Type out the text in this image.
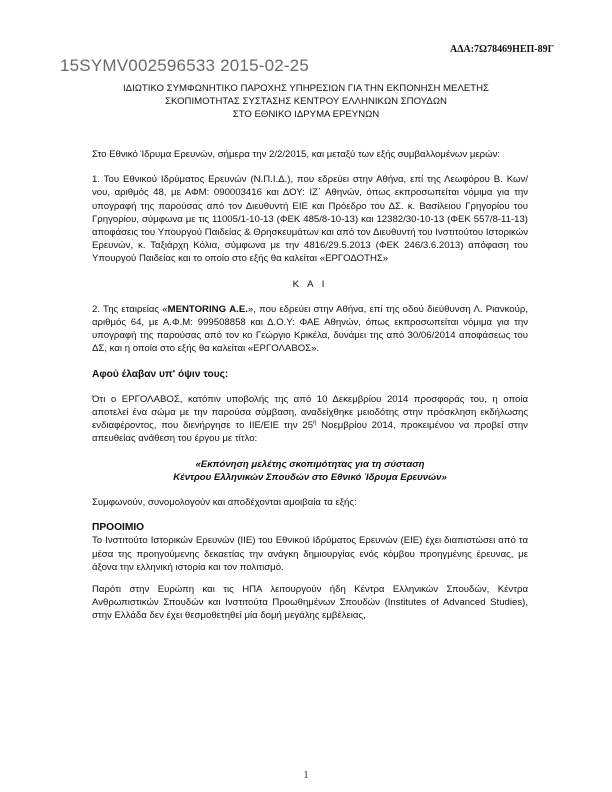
ΑΔΑ:7Ω78469ΗΕΠ-89Γ
15SYMV002596533 2015-02-25
ΙΔΙΩΤΙΚΟ ΣΥΜΦΩΝΗΤΙΚΟ ΠΑΡΟΧΗΣ ΥΠΗΡΕΣΙΩΝ ΓΙΑ ΤΗΝ ΕΚΠΟΝΗΣΗ ΜΕΛΕΤΗΣ
ΣΚΟΠΙΜΟΤΗΤΑΣ ΣΥΣΤΑΣΗΣ ΚΕΝΤΡΟΥ ΕΛΛΗΝΙΚΩΝ ΣΠΟΥΔΩΝ
ΣΤΟ ΕΘΝΙΚΟ ΙΔΡΥΜΑ ΕΡΕΥΝΩΝ

Στο Εθνικό Ίδρυμα Ερευνών, σήμερα την 2/2/2015, και μεταξύ των εξής συμβαλλομένων μερών:

1. Του Εθνικού Ιδρύματος Ερευνών (Ν.Π.Ι.Δ.), που εδρεύει στην Αθήνα, επί της Λεωφόρου Β. Κων/νου, αριθμός 48, με ΑΦΜ: 090003416 και ΔΟΥ: ΙΖ΄ Αθηνών, όπως εκπροσωπείται νόμιμα για την υπογραφή της παρούσας από τον Διευθυντή ΕΙΕ και Πρόεδρο του ΔΣ. κ. Βασίλειου Γρηγορίου του Γρηγορίου, σύμφωνα με τις 11005/1-10-13 (ΦΕΚ 485/8-10-13) και 12382/30-10-13 (ΦΕΚ 557/8-11-13) αποφάσεις του Υπουργού Παιδείας & Θρησκευμάτων και από τον Διευθυντή του Ινστιτούτου Ιστορικών Ερευνών, κ. Ταξιάρχη Κόλια, σύμφωνα με την 4816/29.5.2013 (ΦΕΚ 246/3.6.2013) απόφαση του Υπουργού Παιδείας και το οποίο στο εξής θα καλείται «ΕΡΓΟΔΟΤΗΣ»

Κ Α Ι

2. Της εταιρείας «MENTORING Α.Ε.», που εδρεύει στην Αθήνα, επί της οδού διεύθυνση Λ. Ριανκούρ, αριθμός 64, με Α.Φ.Μ: 999508858 και Δ.Ο.Υ: ΦΑΕ Αθηνών, όπως εκπροσωπείται νόμιμα για την υπογραφή της παρούσας από τον κο Γεώργιο Κρικέλα, δυνάμει της από 30/06/2014 αποφάσεως του ΔΣ, και η οποία στο εξής θα καλείται «ΕΡΓΟΛΑΒΟΣ».

Αφού έλαβαν υπ' όψιν τους:

Ότι ο ΕΡΓΟΛΑΒΟΣ, κατόπιν υποβολής της από 10 Δεκεμβρίου 2014 προσφοράς του, η οποία αποτελεί ένα σώμα με την παρούσα σύμβαση, αναδείχθηκε μειοδότης στην πρόσκληση εκδήλωσης ενδιαφέροντος, που διενήργησε το ΙΙΕ/ΕΙΕ την $25^\eta$ Νοεμβρίου 2014, προκειμένου να προβεί στην απευθείας ανάθεση του έργου με τίτλο:

«Εκπόνηση μελέτης σκοπιμότητας για τη σύσταση

Κέντρου Ελληνικών Σπουδών στο Εθνικό Ίδρυμα Ερευνών»

Συμφωνούν, συνομολογούν και αποδέχονται αμοιβαία τα εξής:

ΠΡΟΟΙΜΙΟ

Το Ινστιτούτο Ιστορικών Ερευνών (ΙΙΕ) του Εθνικού Ιδρύματος Ερευνών (ΕΙΕ) έχει διαπιστώσει από τα μέσα της προηγούμενης δεκαετίας την ανάγκη δημιουργίας ενός κόμβου προηγμένης έρευνας, με άξονα την ελληνική ιστορία και τον πολιτισμό.

Παρότι στην Ευρώπη και τις ΗΠΑ λειτουργούν ήδη Κέντρα Ελληνικών Σπουδών, Κέντρα Ανθρωπιστικών Σπουδών και Ινστιτούτα Προωθημένων Σπουδών (Institutes of Advanced Studies), στην Ελλάδα δεν έχει θεσμοθετηθεί μία δομή μεγάλης εμβέλειας,

1
